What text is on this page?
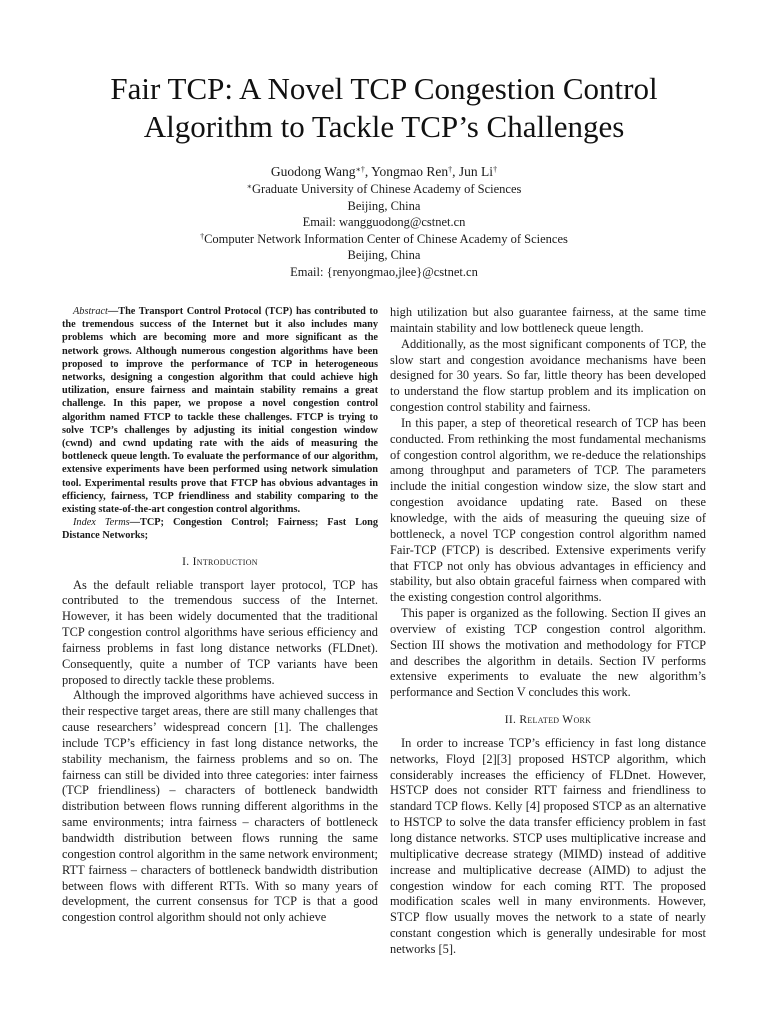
Fair TCP: A Novel TCP Congestion Control
Algorithm to Tackle TCP’s Challenges
Guodong Wang∗†, Yongmao Ren†, Jun Li†
∗Graduate University of Chinese Academy of Sciences
Beijing, China
Email: wangguodong@cstnet.cn
†Computer Network Information Center of Chinese Academy of Sciences
Beijing, China
Email: {renyongmao,jlee}@cstnet.cn

Abstract—The Transport Control Protocol (TCP) has contributed to the tremendous success of the Internet but it also includes many problems which are becoming more and more significant as the network grows. Although numerous congestion algorithms have been proposed to improve the performance of TCP in heterogeneous networks, designing a congestion algorithm that could achieve high utilization, ensure fairness and maintain stability remains a great challenge. In this paper, we propose a novel congestion control algorithm named FTCP to tackle these challenges. FTCP is trying to solve TCP’s challenges by adjusting its initial congestion window (cwnd) and cwnd updating rate with the aids of measuring the bottleneck queue length. To evaluate the performance of our algorithm, extensive experiments have been performed using network simulation tool. Experimental results prove that FTCP has obvious advantages in efficiency, fairness, TCP friendliness and stability comparing to the existing state-of-the-art congestion control algorithms.

Index Terms—TCP; Congestion Control; Fairness; Fast Long Distance Networks;

I. Introduction

As the default reliable transport layer protocol, TCP has contributed to the tremendous success of the Internet. However, it has been widely documented that the traditional TCP congestion control algorithms have serious efficiency and fairness problems in fast long distance networks (FLDnet). Consequently, quite a number of TCP variants have been proposed to directly tackle these problems.

Although the improved algorithms have achieved success in their respective target areas, there are still many challenges that cause researchers’ widespread concern [1]. The challenges include TCP’s efficiency in fast long distance networks, the stability mechanism, the fairness problems and so on. The fairness can still be divided into three categories: inter fairness (TCP friendliness) – characters of bottleneck bandwidth distribution between flows running different algorithms in the same environments; intra fairness – characters of bottleneck bandwidth distribution between flows running the same congestion control algorithm in the same network environment; RTT fairness – characters of bottleneck bandwidth distribution between flows with different RTTs. With so many years of development, the current consensus for TCP is that a good congestion control algorithm should not only achieve

high utilization but also guarantee fairness, at the same time maintain stability and low bottleneck queue length.

Additionally, as the most significant components of TCP, the slow start and congestion avoidance mechanisms have been designed for 30 years. So far, little theory has been developed to understand the flow startup problem and its implication on congestion control stability and fairness.

In this paper, a step of theoretical research of TCP has been conducted. From rethinking the most fundamental mechanisms of congestion control algorithm, we re-deduce the relationships among throughput and parameters of TCP. The parameters include the initial congestion window size, the slow start and congestion avoidance updating rate. Based on these knowledge, with the aids of measuring the queuing size of bottleneck, a novel TCP congestion control algorithm named Fair-TCP (FTCP) is described. Extensive experiments verify that FTCP not only has obvious advantages in efficiency and stability, but also obtain graceful fairness when compared with the existing congestion control algorithms.

This paper is organized as the following. Section II gives an overview of existing TCP congestion control algorithm. Section III shows the motivation and methodology for FTCP and describes the algorithm in details. Section IV performs extensive experiments to evaluate the new algorithm’s performance and Section V concludes this work.

II. Related Work

In order to increase TCP’s efficiency in fast long distance networks, Floyd [2][3] proposed HSTCP algorithm, which considerably increases the efficiency of FLDnet. However, HSTCP does not consider RTT fairness and friendliness to standard TCP flows. Kelly [4] proposed STCP as an alternative to HSTCP to solve the data transfer efficiency problem in fast long distance networks. STCP uses multiplicative increase and multiplicative decrease strategy (MIMD) instead of additive increase and multiplicative decrease (AIMD) to adjust the congestion window for each coming RTT. The proposed modification scales well in many environments. However, STCP flow usually moves the network to a state of nearly constant congestion which is generally undesirable for most networks [5].
